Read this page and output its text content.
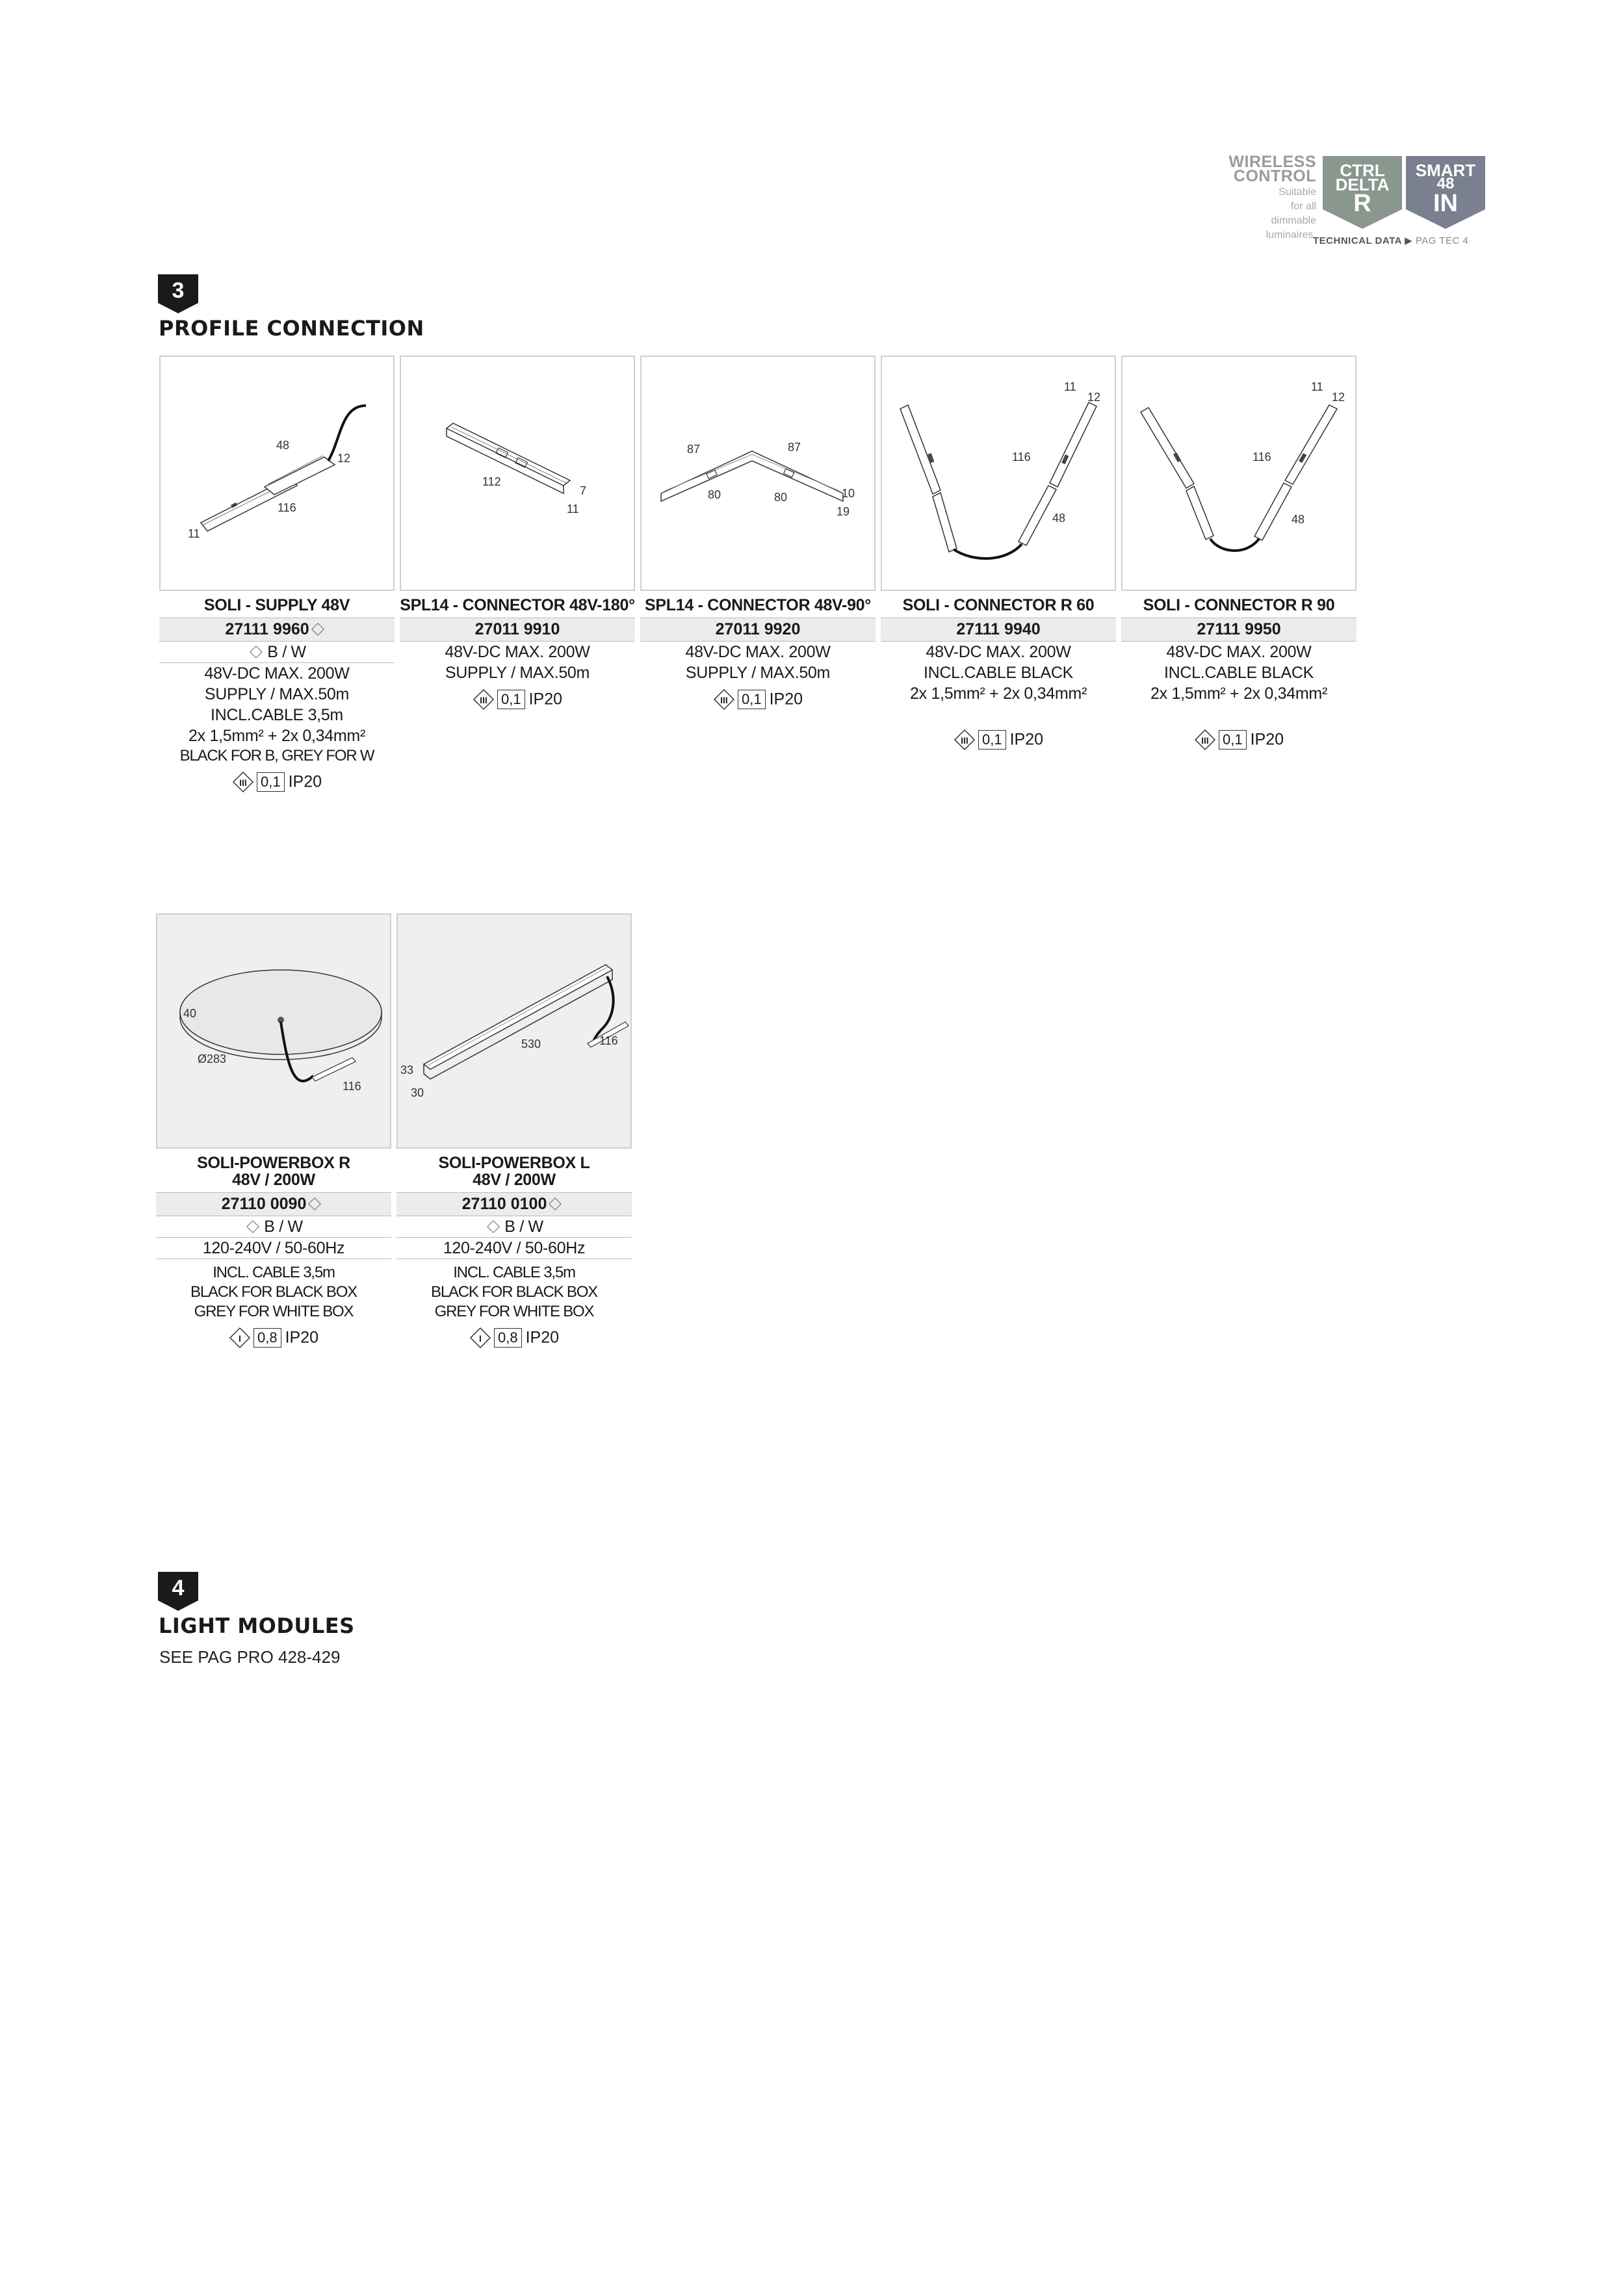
WIRELESS
CONTROL
Suitable
for all
dimmable
luminaires.
CTRL
DELTA
R
SMART
48
IN
TECHNICAL DATA ▶ PAG TEC 4
3
PROFILE CONNECTION
48
12
116
11
SOLI - SUPPLY 48V
27111 9960
B / W
48V-DC MAX. 200W
SUPPLY / MAX.50m
INCL.CABLE 3,5m
2x 1,5mm² + 2x 0,34mm²
BLACK FOR B, GREY FOR W
III 0,1 IP20
112
7
11
SPL14 - CONNECTOR 48V-180°
27011 9910
48V-DC MAX. 200W
SUPPLY / MAX.50m
III 0,1 IP20
87	87
80	80	10
19
SPL14 - CONNECTOR 48V-90°
27011 9920
48V-DC MAX. 200W
SUPPLY / MAX.50m
III 0,1 IP20
11
12
116
48
SOLI - CONNECTOR R 60
27111 9940
48V-DC MAX. 200W
INCL.CABLE BLACK
2x 1,5mm² + 2x 0,34mm²
III 0,1 IP20
11
12
116
48
SOLI - CONNECTOR R 90
27111 9950
48V-DC MAX. 200W
INCL.CABLE BLACK
2x 1,5mm² + 2x 0,34mm²
III 0,1 IP20
40
Ø283
116
SOLI-POWERBOX R
48V / 200W
27110 0090
B / W
120-240V / 50-60Hz
INCL. CABLE 3,5m
BLACK FOR BLACK BOX
GREY FOR WHITE BOX
I 0,8 IP20
530	116
33
30
SOLI-POWERBOX L
48V / 200W
27110 0100
B / W
120-240V / 50-60Hz
INCL. CABLE 3,5m
BLACK FOR BLACK BOX
GREY FOR WHITE BOX
I 0,8 IP20
4
LIGHT MODULES
SEE PAG PRO 428-429
